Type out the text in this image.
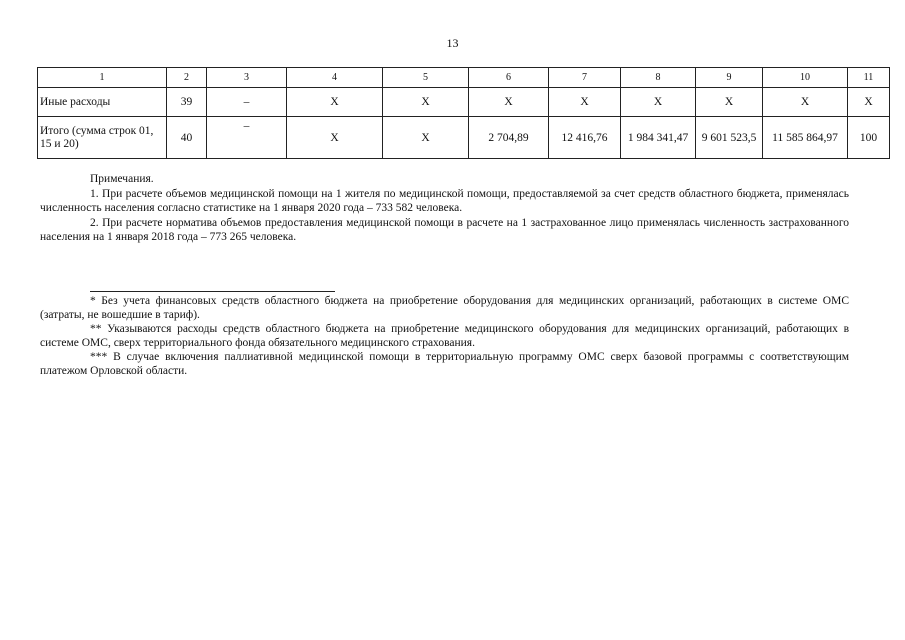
13
1	2	3	4	5	6	7	8	9	10	11
Иные расходы	39	–	X	X	X	X	X	X	X	X
Итого (сумма строк 01, 15 и 20)	40	–	X	X	2 704,89	12 416,76	1 984 341,47	9 601 523,5	11 585 864,97	100

Примечания.

1. При расчете объемов медицинской помощи на 1 жителя по медицинской помощи, предоставляемой за счет средств областного бюджета, применялась численность населения согласно статистике на 1 января 2020 года – 733 582 человека.

2. При расчете норматива объемов предоставления медицинской помощи в расчете на 1 застрахованное лицо применялась численность застрахованного населения на 1 января 2018 года – 773 265 человека.

* Без учета финансовых средств областного бюджета на приобретение оборудования для медицинских организаций, работающих в системе ОМС (затраты, не вошедшие в тариф).

** Указываются расходы средств областного бюджета на приобретение медицинского оборудования для медицинских организаций, работающих в системе ОМС, сверх территориального фонда обязательного медицинского страхования.

*** В случае включения паллиативной медицинской помощи в территориальную программу ОМС сверх базовой программы с соответствующим платежом Орловской области.
